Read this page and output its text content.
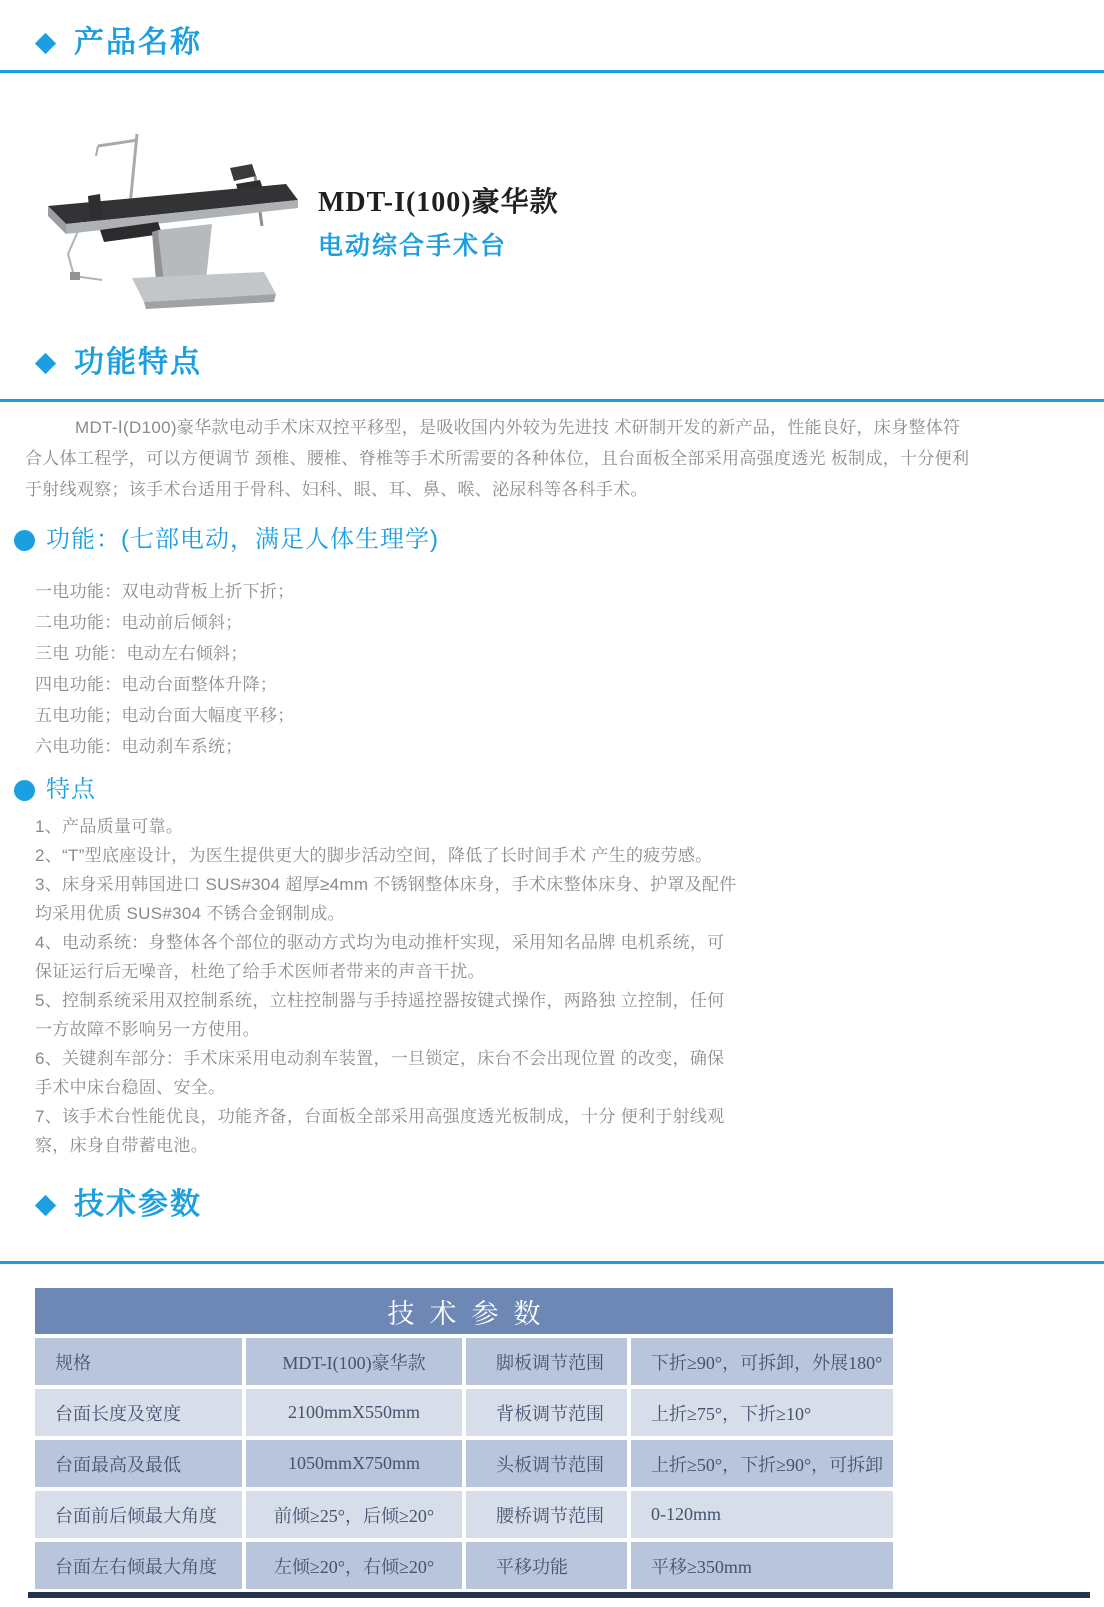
产品名称
MDT-I(100)豪华款
电动综合手术台
功能特点
MDT-Ⅰ(D100)豪华款电动手术床双控平移型，是吸收国内外较为先进技 术研制开发的新产品，性能良好，床身整体符合人体工程学，可以方便调节 颈椎、腰椎、脊椎等手术所需要的各种体位，且台面板全部采用高强度透光 板制成，十分便利于射线观察；该手术台适用于骨科、妇科、眼、耳、鼻、喉、泌尿科等各科手术。
功能：(七部电动，满足人体生理学)
一电功能：双电动背板上折下折；
二电功能：电动前后倾斜；
三电 功能：电动左右倾斜；
四电功能：电动台面整体升降；
五电功能；电动台面大幅度平移；
六电功能：电动刹车系统；
特点
1、产品质量可靠。
2、“T”型底座设计，为医生提供更大的脚步活动空间，降低了长时间手术 产生的疲劳感。
3、床身采用韩国进口 SUS#304 超厚≥4mm 不锈钢整体床身，手术床整体床身、护罩及配件均采用优质 SUS#304 不锈合金钢制成。
4、电动系统：身整体各个部位的驱动方式均为电动推杆实现，采用知名品牌 电机系统，可保证运行后无噪音，杜绝了给手术医师者带来的声音干扰。
5、控制系统采用双控制系统，立柱控制器与手持遥控器按键式操作，两路独 立控制，任何一方故障不影响另一方使用。
6、关键刹车部分：手术床采用电动刹车装置，一旦锁定，床台不会出现位置 的改变，确保手术中床台稳固、安全。
7、该手术台性能优良，功能齐备，台面板全部采用高强度透光板制成，十分 便利于射线观察，床身自带蓄电池。
技术参数
技术参数
规格	MDT-I(100)豪华款	脚板调节范围	下折≥90°，可拆卸，外展180°
台面长度及宽度	2100mmX550mm	背板调节范围	上折≥75°，下折≥10°
台面最高及最低	1050mmX750mm	头板调节范围	上折≥50°，下折≥90°，可拆卸
台面前后倾最大角度	前倾≥25°，后倾≥20°	腰桥调节范围	0-120mm
台面左右倾最大角度	左倾≥20°，右倾≥20°	平移功能	平移≥350mm
